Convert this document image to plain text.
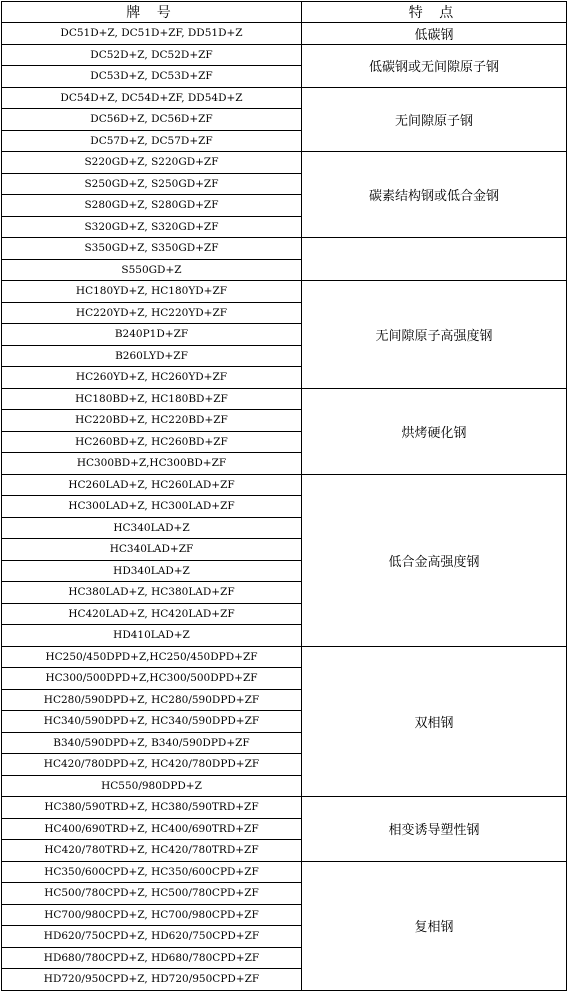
牌 号	特 点
DC51D+Z, DC51D+ZF, DD51D+Z	低碳钢
DC52D+Z, DC52D+ZF	低碳钢或无间隙原子钢
DC53D+Z, DC53D+ZF	
DC54D+Z, DC54D+ZF, DD54D+Z	无间隙原子钢
DC56D+Z, DC56D+ZF	
DC57D+Z, DC57D+ZF	
S220GD+Z, S220GD+ZF	碳素结构钢或低合金钢
S250GD+Z, S250GD+ZF	
S280GD+Z, S280GD+ZF	
S320GD+Z, S320GD+ZF	
S350GD+Z, S350GD+ZF	
S550GD+Z	
HC180YD+Z, HC180YD+ZF	无间隙原子高强度钢
HC220YD+Z, HC220YD+ZF	
B240P1D+ZF	
B260LYD+ZF	
HC260YD+Z, HC260YD+ZF	
HC180BD+Z, HC180BD+ZF	烘烤硬化钢
HC220BD+Z, HC220BD+ZF	
HC260BD+Z, HC260BD+ZF	
HC300BD+Z,HC300BD+ZF	
HC260LAD+Z, HC260LAD+ZF	低合金高强度钢
HC300LAD+Z, HC300LAD+ZF	
HC340LAD+Z	
HC340LAD+ZF	
HD340LAD+Z	
HC380LAD+Z, HC380LAD+ZF	
HC420LAD+Z, HC420LAD+ZF	
HD410LAD+Z	
HC250/450DPD+Z,HC250/450DPD+ZF	双相钢
HC300/500DPD+Z,HC300/500DPD+ZF	
HC280/590DPD+Z, HC280/590DPD+ZF	
HC340/590DPD+Z, HC340/590DPD+ZF	
B340/590DPD+Z, B340/590DPD+ZF	
HC420/780DPD+Z, HC420/780DPD+ZF	
HC550/980DPD+Z	
HC380/590TRD+Z, HC380/590TRD+ZF	相变诱导塑性钢
HC400/690TRD+Z, HC400/690TRD+ZF	
HC420/780TRD+Z, HC420/780TRD+ZF	
HC350/600CPD+Z, HC350/600CPD+ZF	复相钢
HC500/780CPD+Z, HC500/780CPD+ZF	
HC700/980CPD+Z, HC700/980CPD+ZF	
HD620/750CPD+Z, HD620/750CPD+ZF	
HD680/780CPD+Z, HD680/780CPD+ZF	
HD720/950CPD+Z, HD720/950CPD+ZF	
